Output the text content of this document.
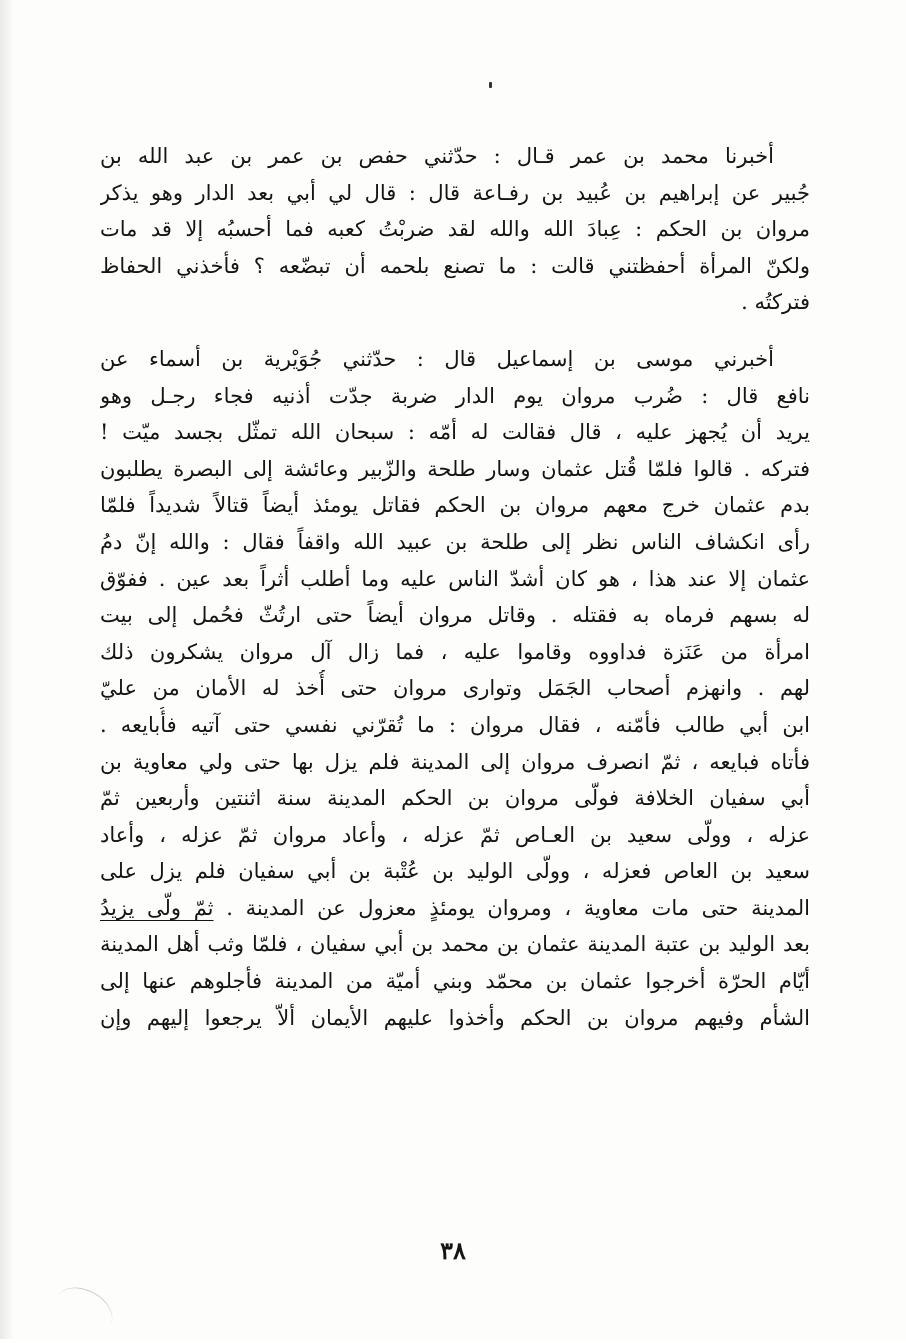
أخبرنا محمد بن عمر قـال : حدّثني حفص بن عمر بن عبد الله بن
جُبير عن إبراهيم بن عُبيد بن رفـاعة قال : قال لي أبي بعد الدار وهو يذكر
مروان بن الحكم : عِبادَ الله والله لقد ضربْتُ كعبه فما أحسبُه إلا قد مات
ولكنّ المرأة أحفظتني قالت : ما تصنع بلحمه أن تبضّعه ؟ فأخذني الحفاظ
فتركتُه .
أخبرني موسى بن إسماعيل قال : حدّثني جُوَيْرية بن أسماء عن
نافع قال : ضُرب مروان يوم الدار ضربة جدّت أذنيه فجاء رجـل وهو
يريد أن يُجهز عليه ، قال فقالت له أمّه : سبحان الله تمثّل بجسد ميّت !
فتركه . قالوا فلمّا قُتل عثمان وسار طلحة والزّبير وعائشة إلى البصرة يطلبون
بدم عثمان خرج معهم مروان بن الحكم فقاتل يومئذ أيضاً قتالاً شديداً فلمّا
رأى انكشاف الناس نظر إلى طلحة بن عبيد الله واقفاً فقال : والله إنّ دمُ
عثمان إلا عند هذا ، هو كان أشدّ الناس عليه وما أطلب أثراً بعد عين . ففوّق
له بسهم فرماه به فقتله . وقاتل مروان أيضاً حتى ارتُثّ فحُمل إلى بيت
امرأة من عَنَزة فداووه وقاموا عليه ، فما زال آل مروان يشكرون ذلك
لهم . وانهزم أصحاب الجَمَل وتوارى مروان حتى أُخذ له الأمان من عليّ
ابن أبي طالب فأمّنه ، فقال مروان : ما تُقرّني نفسي حتى آتيه فأُبايعه .
فأتاه فبايعه ، ثمّ انصرف مروان إلى المدينة فلم يزل بها حتى ولي معاوية بن
أبي سفيان الخلافة فولّى مروان بن الحكم المدينة سنة اثنتين وأربعين ثمّ
عزله ، وولّى سعيد بن العـاص ثمّ عزله ، وأعاد مروان ثمّ عزله ، وأعاد
سعيد بن العاص فعزله ، وولّى الوليد بن عُتْبة بن أبي سفيان فلم يزل على
المدينة حتى مات معاوية ، ومروان يومئذٍ معزول عن المدينة . ثمّ ولّى يزيدُ
بعد الوليد بن عتبة المدينة عثمان بن محمد بن أبي سفيان ، فلمّا وثب أهل المدينة
أيّام الحرّة أخرجوا عثمان بن محمّد وبني أميّة من المدينة فأجلوهم عنها إلى
الشأم وفيهم مروان بن الحكم وأخذوا عليهم الأيمان ألاّ يرجعوا إليهم وإن
٣٨
